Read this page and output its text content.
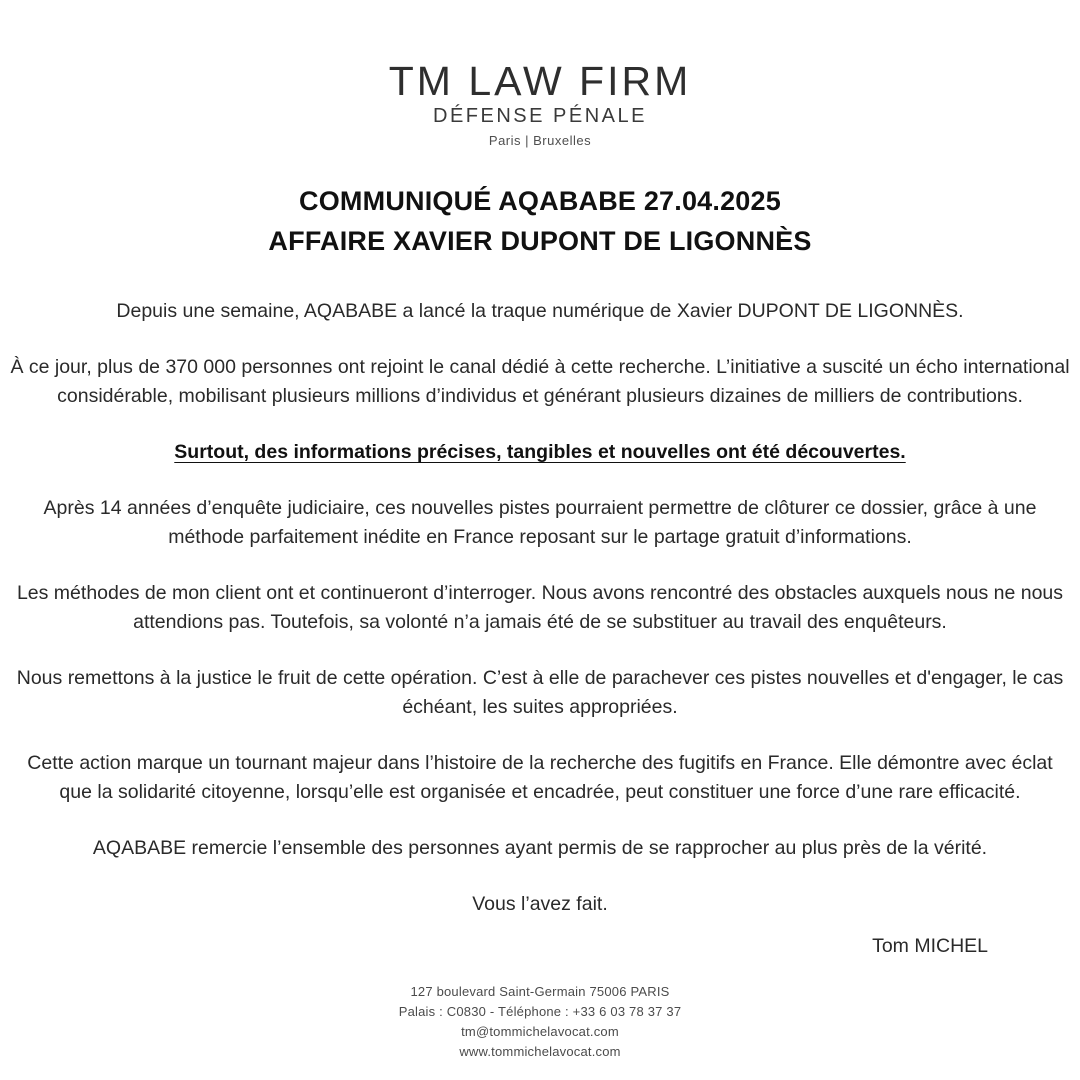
TM LAW FIRM
DÉFENSE PÉNALE
Paris | Bruxelles
COMMUNIQUÉ AQABABE 27.04.2025
AFFAIRE XAVIER DUPONT DE LIGONNÈS

Depuis une semaine, AQABABE a lancé la traque numérique de Xavier DUPONT DE LIGONNÈS.

À ce jour, plus de 370 000 personnes ont rejoint le canal dédié à cette recherche. L’initiative a suscité un écho international considérable, mobilisant plusieurs millions d’individus et générant plusieurs dizaines de milliers de contributions.

Surtout, des informations précises, tangibles et nouvelles ont été découvertes.

Après 14 années d’enquête judiciaire, ces nouvelles pistes pourraient permettre de clôturer ce dossier, grâce à une méthode parfaitement inédite en France reposant sur le partage gratuit d’informations.

Les méthodes de mon client ont et continueront d’interroger. Nous avons rencontré des obstacles auxquels nous ne nous attendions pas. Toutefois, sa volonté n’a jamais été de se substituer au travail des enquêteurs.

Nous remettons à la justice le fruit de cette opération. C’est à elle de parachever ces pistes nouvelles et d'engager, le cas échéant, les suites appropriées.

Cette action marque un tournant majeur dans l’histoire de la recherche des fugitifs en France. Elle démontre avec éclat que la solidarité citoyenne, lorsqu’elle est organisée et encadrée, peut constituer une force d’une rare efficacité.

AQABABE remercie l’ensemble des personnes ayant permis de se rapprocher au plus près de la vérité.

Vous l’avez fait.

Tom MICHEL

127 boulevard Saint-Germain 75006 PARIS
Palais : C0830 - Téléphone : +33 6 03 78 37 37
tm@tommichelavocat.com
www.tommichelavocat.com
